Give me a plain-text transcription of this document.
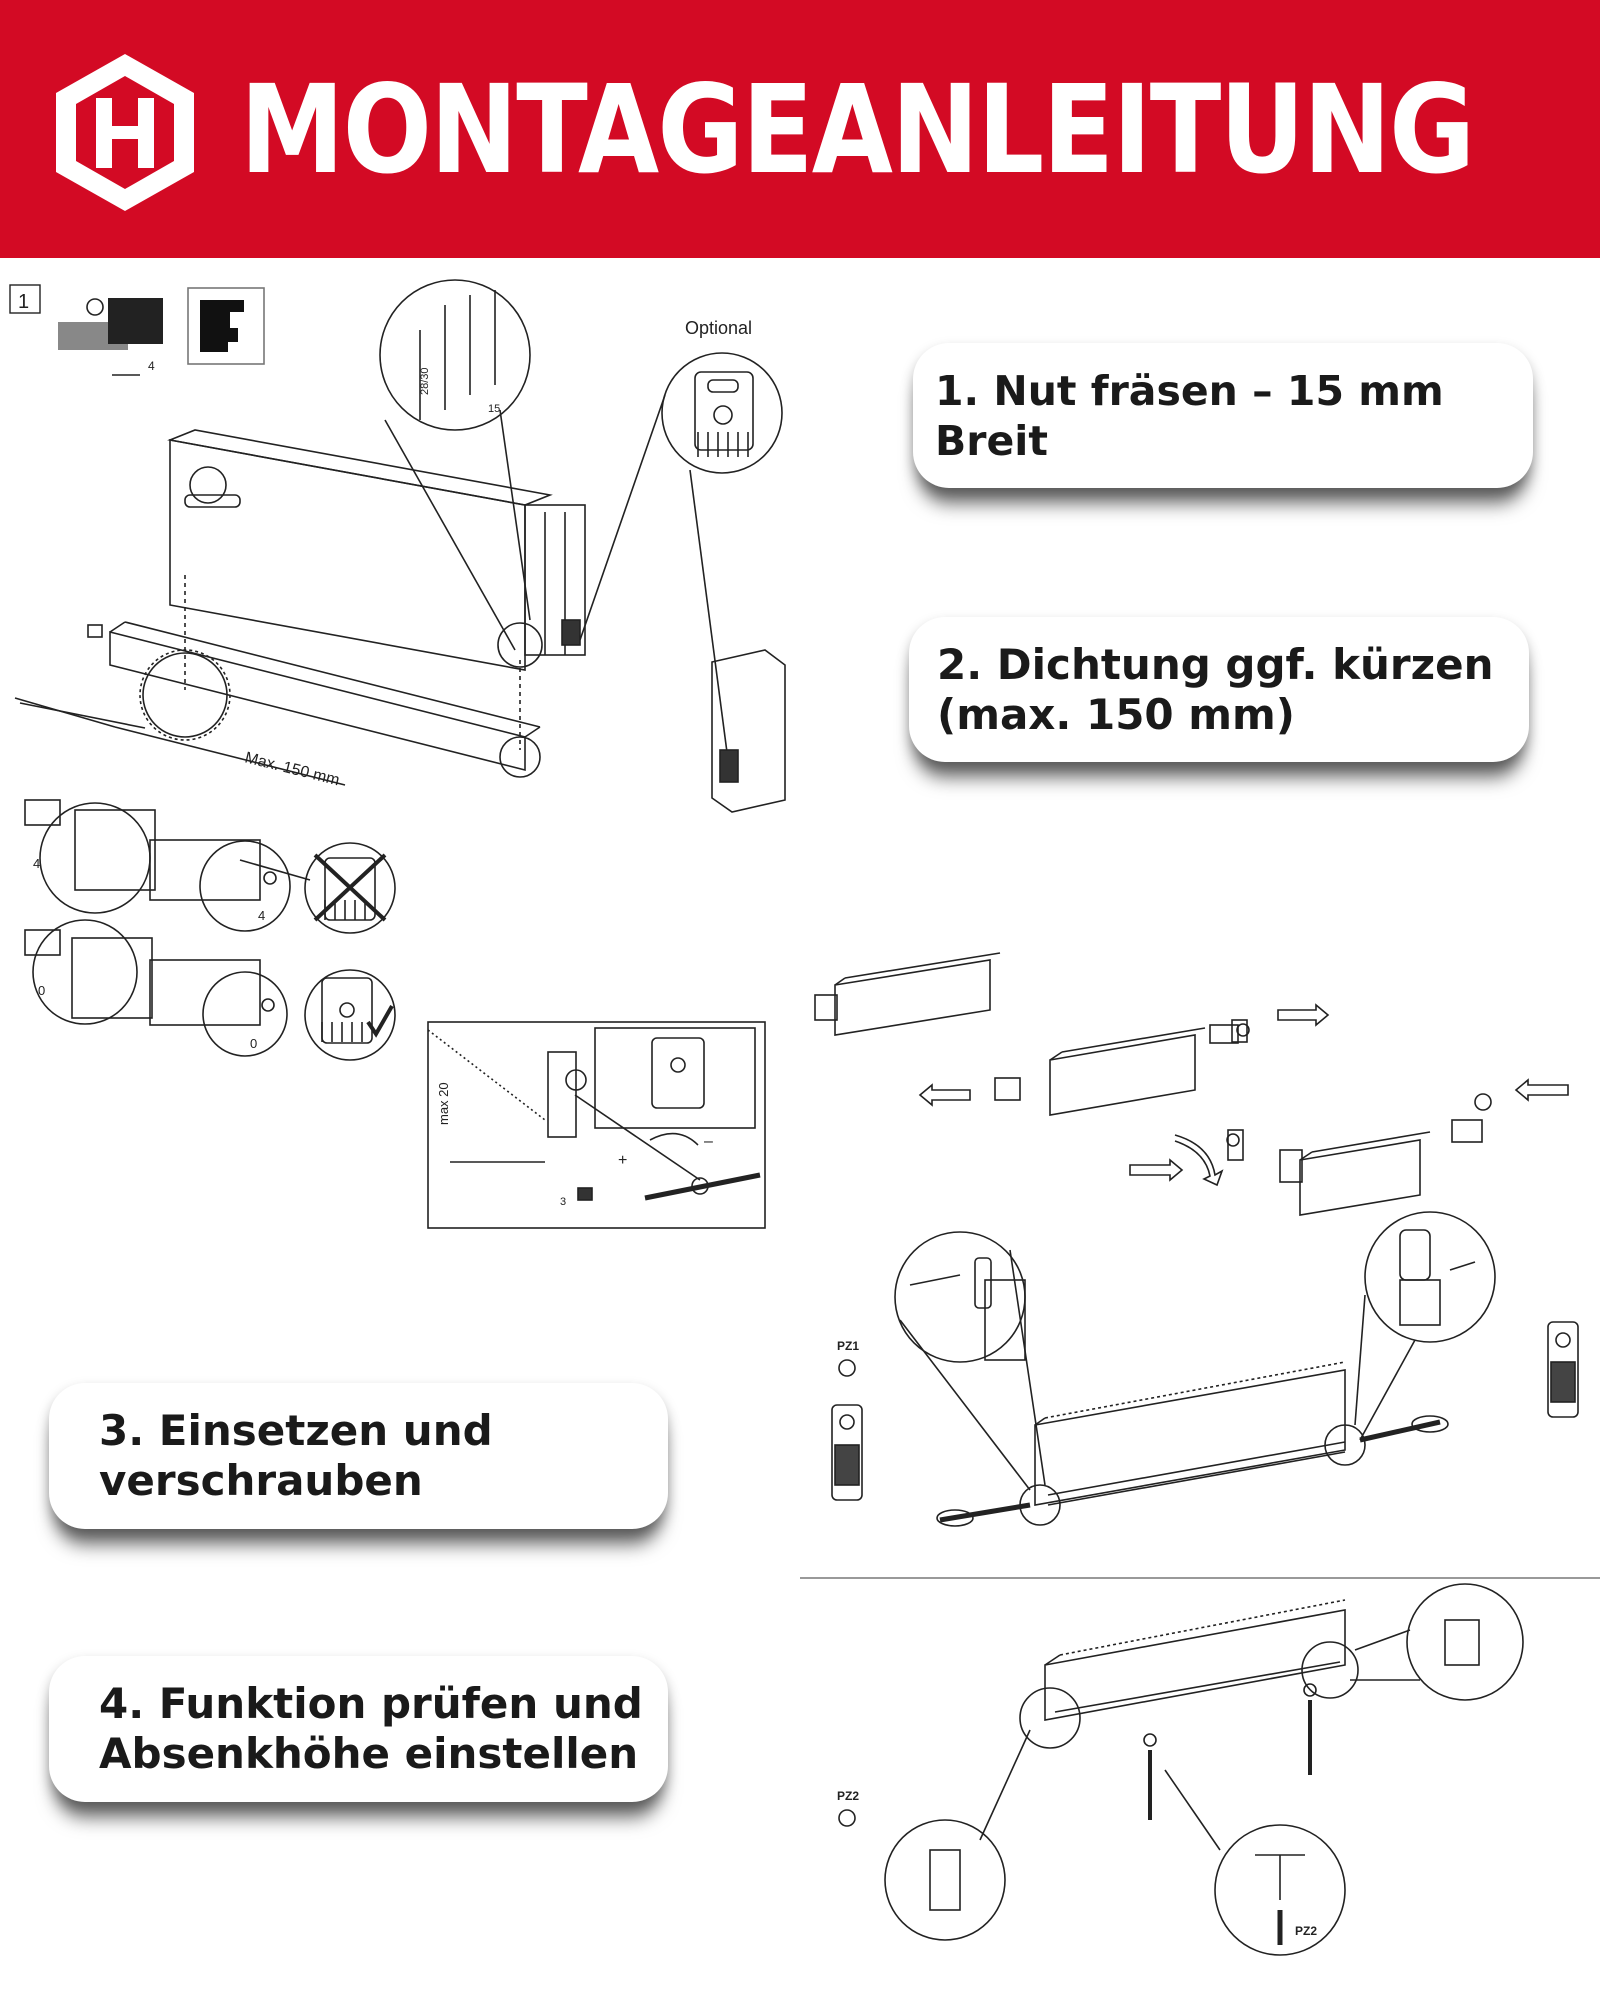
MONTAGEANLEITUNG
1. Nut fräsen – 15 mm Breit
2. Dichtung ggf. kürzen
(max. 150 mm)
3. Einsetzen und
verschrauben
4. Funktion prüfen und
Absenkhöhe einstellen
1
4
28/30
15
Optional
Max. 150 mm
4
4
0
0
max 20
+
–
3
PZ1
PZ2
PZ2
